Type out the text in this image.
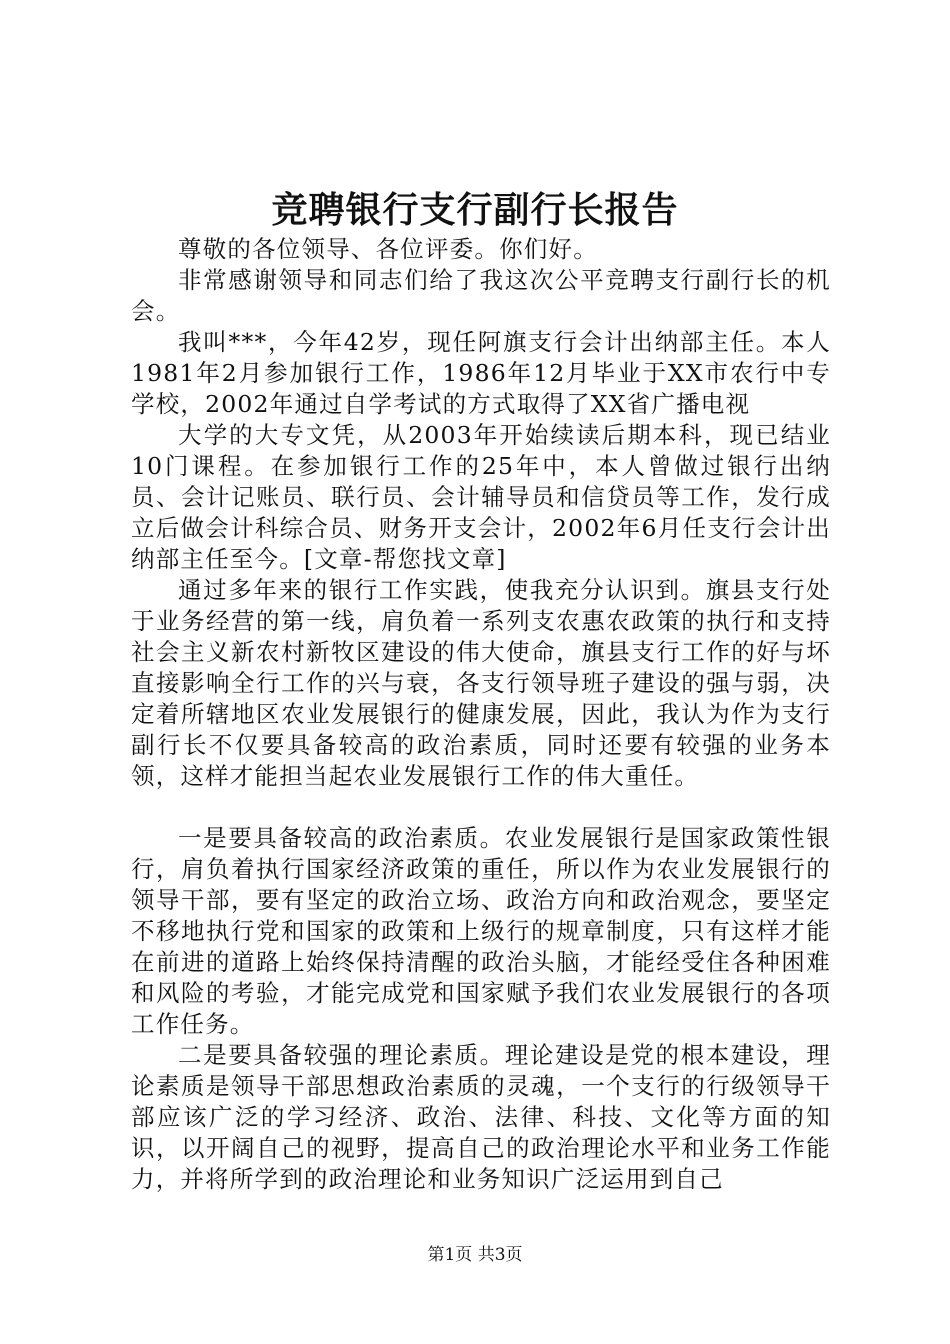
竞聘银行支行副行长报告

尊敬的各位领导、各位评委。你们好。

非常感谢领导和同志们给了我这次公平竞聘支行副行长的机会。

我叫***，今年42岁，现任阿旗支行会计出纳部主任。本人1981年2月参加银行工作，1986年12月毕业于XX市农行中专学校，2002年通过自学考试的方式取得了XX省广播电视

大学的大专文凭，从2003年开始续读后期本科，现已结业10门课程。在参加银行工作的25年中，本人曾做过银行出纳员、会计记账员、联行员、会计辅导员和信贷员等工作，发行成立后做会计科综合员、财务开支会计，2002年6月任支行会计出纳部主任至今。[文章-帮您找文章]

通过多年来的银行工作实践，使我充分认识到。旗县支行处于业务经营的第一线，肩负着一系列支农惠农政策的执行和支持社会主义新农村新牧区建设的伟大使命，旗县支行工作的好与坏直接影响全行工作的兴与衰，各支行领导班子建设的强与弱，决定着所辖地区农业发展银行的健康发展，因此，我认为作为支行副行长不仅要具备较高的政治素质，同时还要有较强的业务本领，这样才能担当起农业发展银行工作的伟大重任。

一是要具备较高的政治素质。农业发展银行是国家政策性银行，肩负着执行国家经济政策的重任，所以作为农业发展银行的领导干部，要有坚定的政治立场、政治方向和政治观念，要坚定不移地执行党和国家的政策和上级行的规章制度，只有这样才能在前进的道路上始终保持清醒的政治头脑，才能经受住各种困难和风险的考验，才能完成党和国家赋予我们农业发展银行的各项工作任务。

二是要具备较强的理论素质。理论建设是党的根本建设，理论素质是领导干部思想政治素质的灵魂，一个支行的行级领导干部应该广泛的学习经济、政治、法律、科技、文化等方面的知识，以开阔自己的视野，提高自己的政治理论水平和业务工作能力，并将所学到的政治理论和业务知识广泛运用到自己

第1页 共3页
